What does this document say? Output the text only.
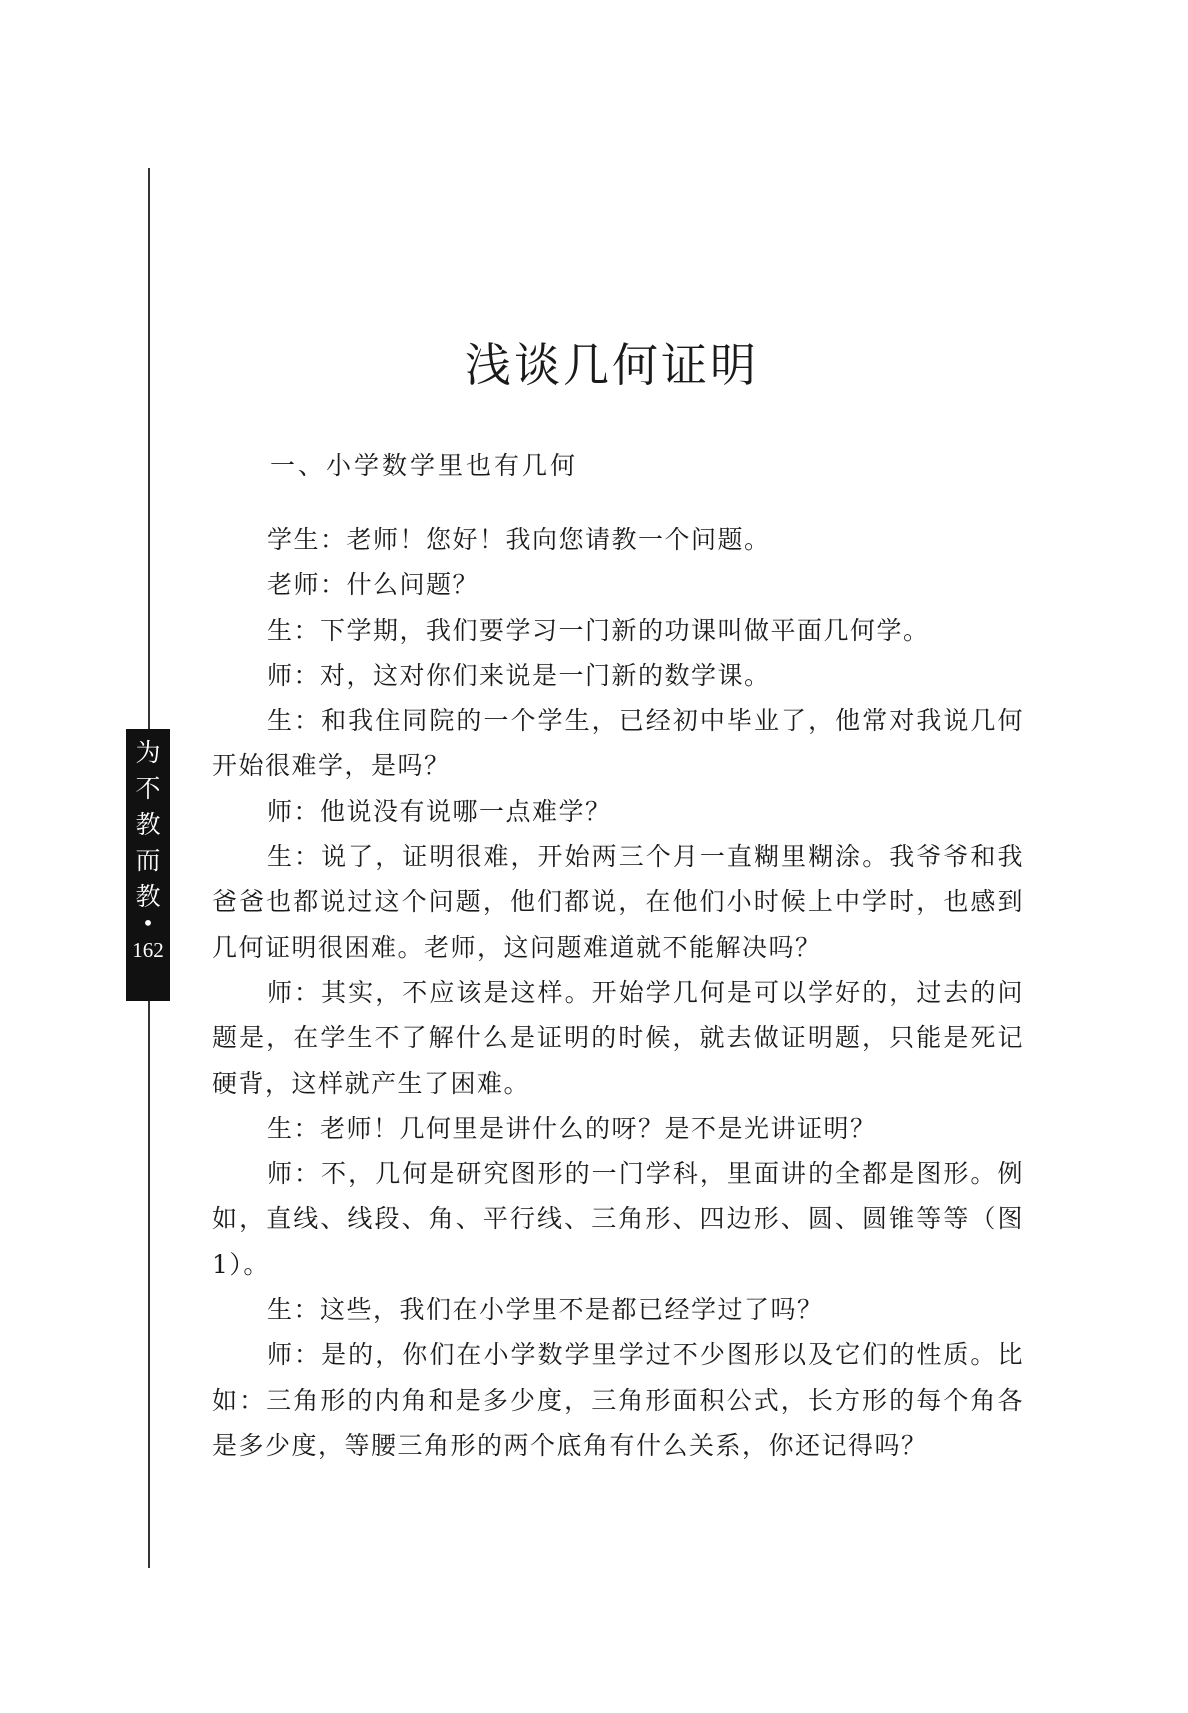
为
不
教
而
教
•
162
浅谈几何证明
一、小学数学里也有几何

学生：老师！您好！我向您请教一个问题。

老师：什么问题？

生：下学期，我们要学习一门新的功课叫做平面几何学。

师：对，这对你们来说是一门新的数学课。

生：和我住同院的一个学生，已经初中毕业了，他常对我说几何开始很难学，是吗？

师：他说没有说哪一点难学？

生：说了，证明很难，开始两三个月一直糊里糊涂。我爷爷和我爸爸也都说过这个问题，他们都说，在他们小时候上中学时，也感到几何证明很困难。老师，这问题难道就不能解决吗？

师：其实，不应该是这样。开始学几何是可以学好的，过去的问题是，在学生不了解什么是证明的时候，就去做证明题，只能是死记硬背，这样就产生了困难。

生：老师！几何里是讲什么的呀？是不是光讲证明？

师：不，几何是研究图形的一门学科，里面讲的全都是图形。例如，直线、线段、角、平行线、三角形、四边形、圆、圆锥等等（图1）。

生：这些，我们在小学里不是都已经学过了吗？

师：是的，你们在小学数学里学过不少图形以及它们的性质。比如：三角形的内角和是多少度，三角形面积公式，长方形的每个角各是多少度，等腰三角形的两个底角有什么关系，你还记得吗？
